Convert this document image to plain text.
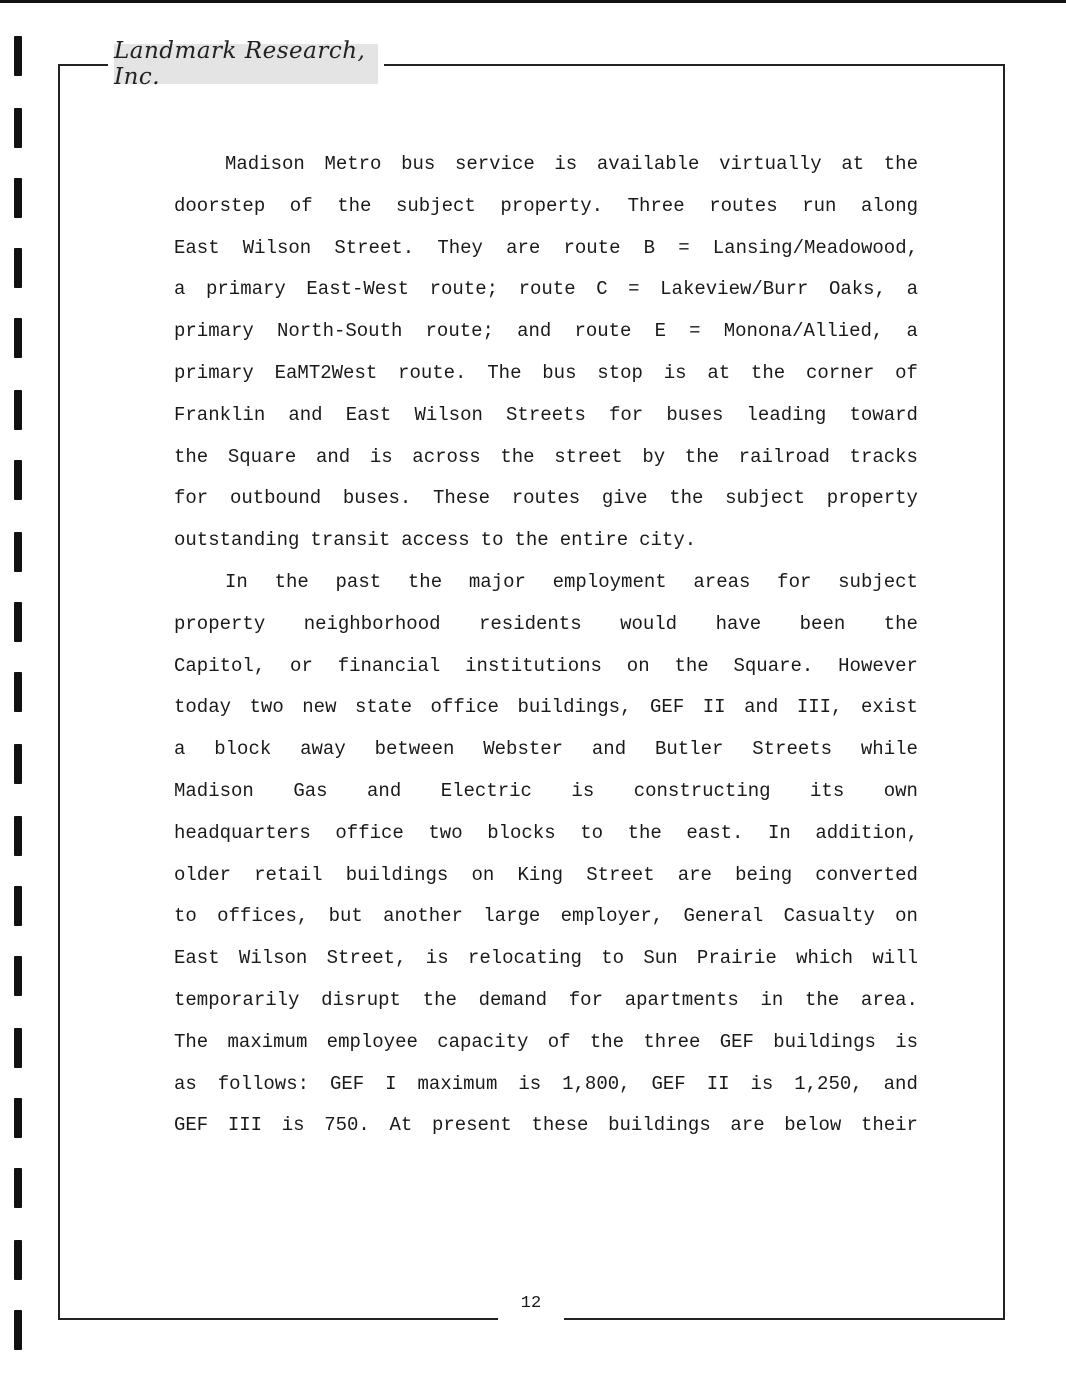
Landmark Research, Inc.
Madison Metro bus service is available virtually at the
doorstep of the subject property. Three routes run along
East Wilson Street. They are route B = Lansing/Meadowood,
a primary East-West route; route C = Lakeview/Burr Oaks, a
primary North-South route; and route E = Monona/Allied, a
primary EaMT2West route. The bus stop is at the corner of
Franklin and East Wilson Streets for buses leading toward
the Square and is across the street by the railroad tracks
for outbound buses. These routes give the subject property
outstanding transit access to the entire city.
In the past the major employment areas for subject
property neighborhood residents would have been the
Capitol, or financial institutions on the Square. However
today two new state office buildings, GEF II and III, exist
a block away between Webster and Butler Streets while
Madison Gas and Electric is constructing its own
headquarters office two blocks to the east. In addition,
older retail buildings on King Street are being converted
to offices, but another large employer, General Casualty on
East Wilson Street, is relocating to Sun Prairie which will
temporarily disrupt the demand for apartments in the area.
The maximum employee capacity of the three GEF buildings is
as follows: GEF I maximum is 1,800, GEF II is 1,250, and
GEF III is 750. At present these buildings are below their
12
